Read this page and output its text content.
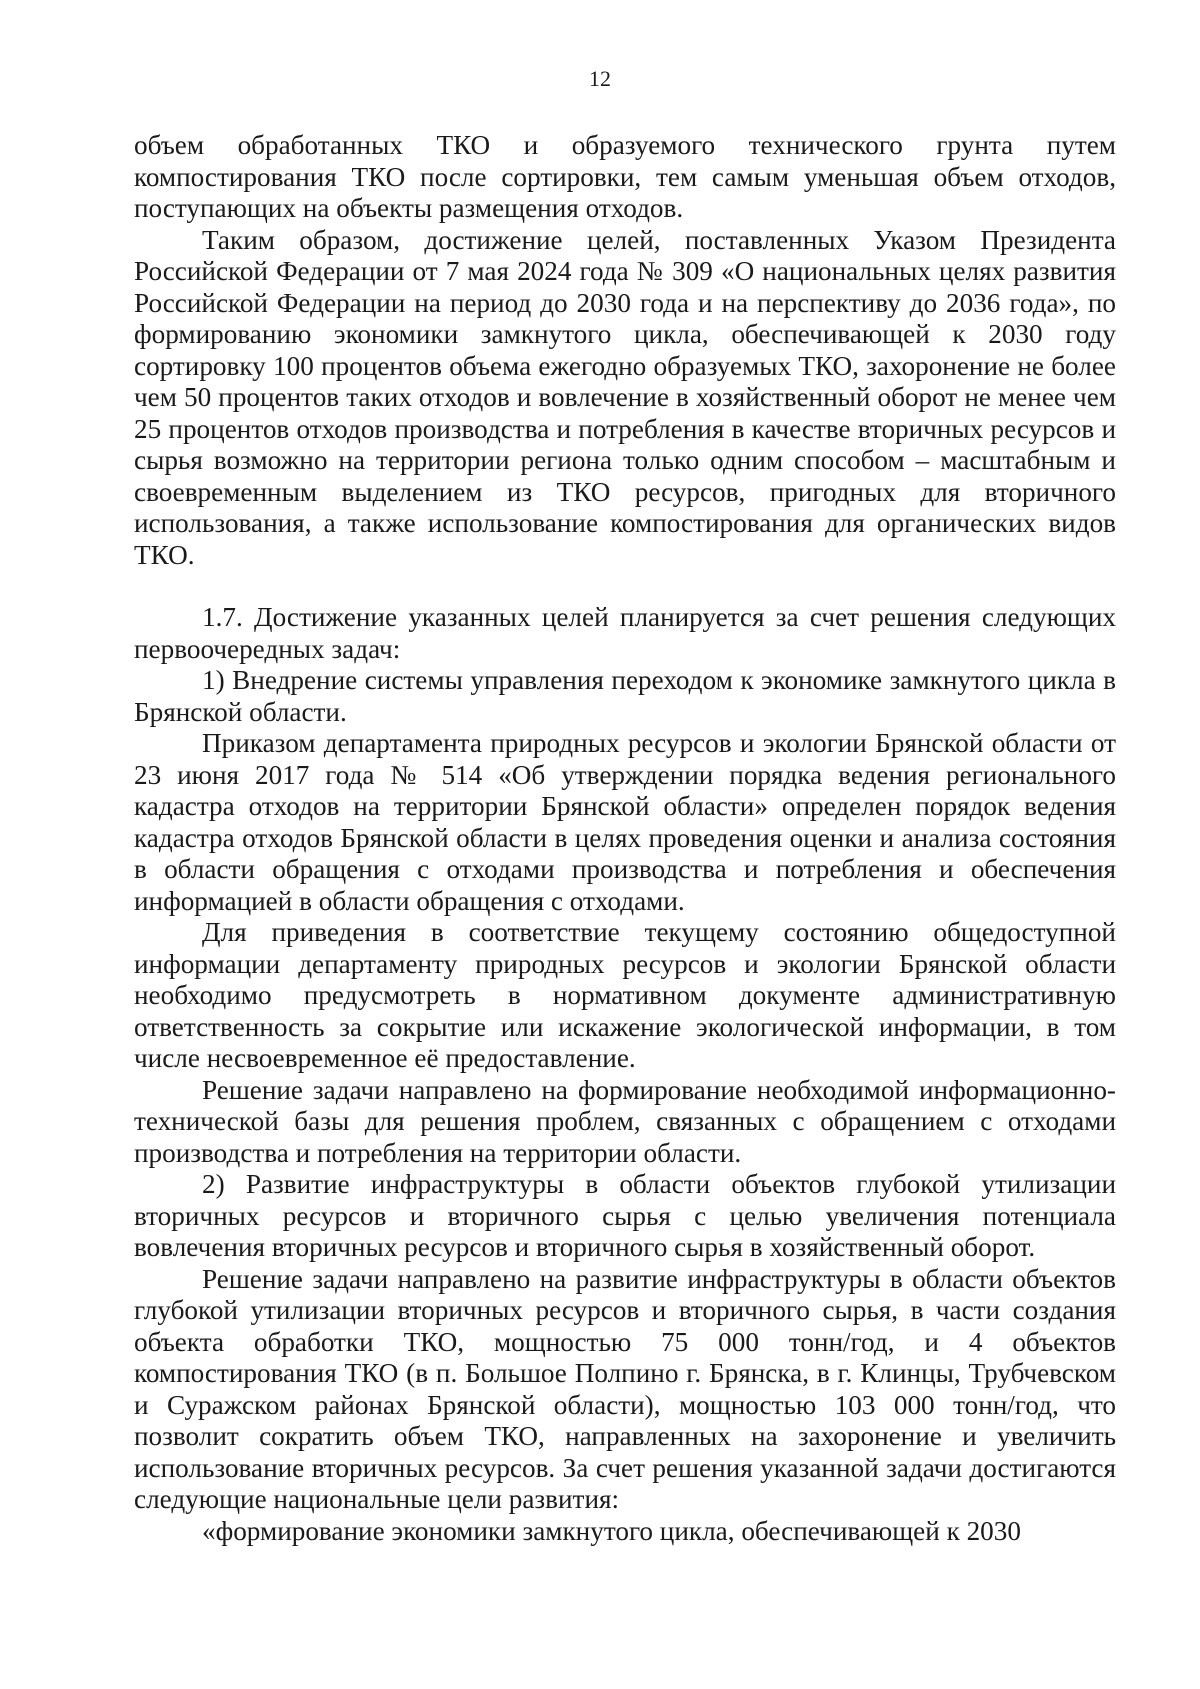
12

объем обработанных ТКО и образуемого технического грунта путем компостирования ТКО после сортировки, тем самым уменьшая объем отходов, поступающих на объекты размещения отходов.

Таким образом, достижение целей, поставленных Указом Президента Российской Федерации от 7 мая 2024 года № 309 «О национальных целях развития Российской Федерации на период до 2030 года и на перспективу до 2036 года», по формированию экономики замкнутого цикла, обеспечивающей к 2030 году сортировку 100 процентов объема ежегодно образуемых ТКО, захоронение не более чем 50 процентов таких отходов и вовлечение в хозяйственный оборот не менее чем 25 процентов отходов производства и потребления в качестве вторичных ресурсов и сырья возможно на территории региона только одним способом – масштабным и своевременным выделением из ТКО ресурсов, пригодных для вторичного использования, а также использование компостирования для органических видов ТКО.

1.7. Достижение указанных целей планируется за счет решения следующих первоочередных задач:

1) Внедрение системы управления переходом к экономике замкнутого цикла в Брянской области.

Приказом департамента природных ресурсов и экологии Брянской области от 23 июня 2017 года № 514 «Об утверждении порядка ведения регионального кадастра отходов на территории Брянской области» определен порядок ведения кадастра отходов Брянской области в целях проведения оценки и анализа состояния в области обращения с отходами производства и потребления и обеспечения информацией в области обращения с отходами.

Для приведения в соответствие текущему состоянию общедоступной информации департаменту природных ресурсов и экологии Брянской области необходимо предусмотреть в нормативном документе административную ответственность за сокрытие или искажение экологической информации, в том числе несвоевременное её предоставление.

Решение задачи направлено на формирование необходимой информационно-технической базы для решения проблем, связанных с обращением с отходами производства и потребления на территории области.

2) Развитие инфраструктуры в области объектов глубокой утилизации вторичных ресурсов и вторичного сырья с целью увеличения потенциала вовлечения вторичных ресурсов и вторичного сырья в хозяйственный оборот.

Решение задачи направлено на развитие инфраструктуры в области объектов глубокой утилизации вторичных ресурсов и вторичного сырья, в части создания объекта обработки ТКО, мощностью 75 000 тонн/год, и 4 объектов компостирования ТКО (в п. Большое Полпино г. Брянска, в г. Клинцы, Трубчевском и Суражском районах Брянской области), мощностью 103 000 тонн/год, что позволит сократить объем ТКО, направленных на захоронение и увеличить использование вторичных ресурсов. За счет решения указанной задачи достигаются следующие национальные цели развития:

«формирование экономики замкнутого цикла, обеспечивающей к 2030
